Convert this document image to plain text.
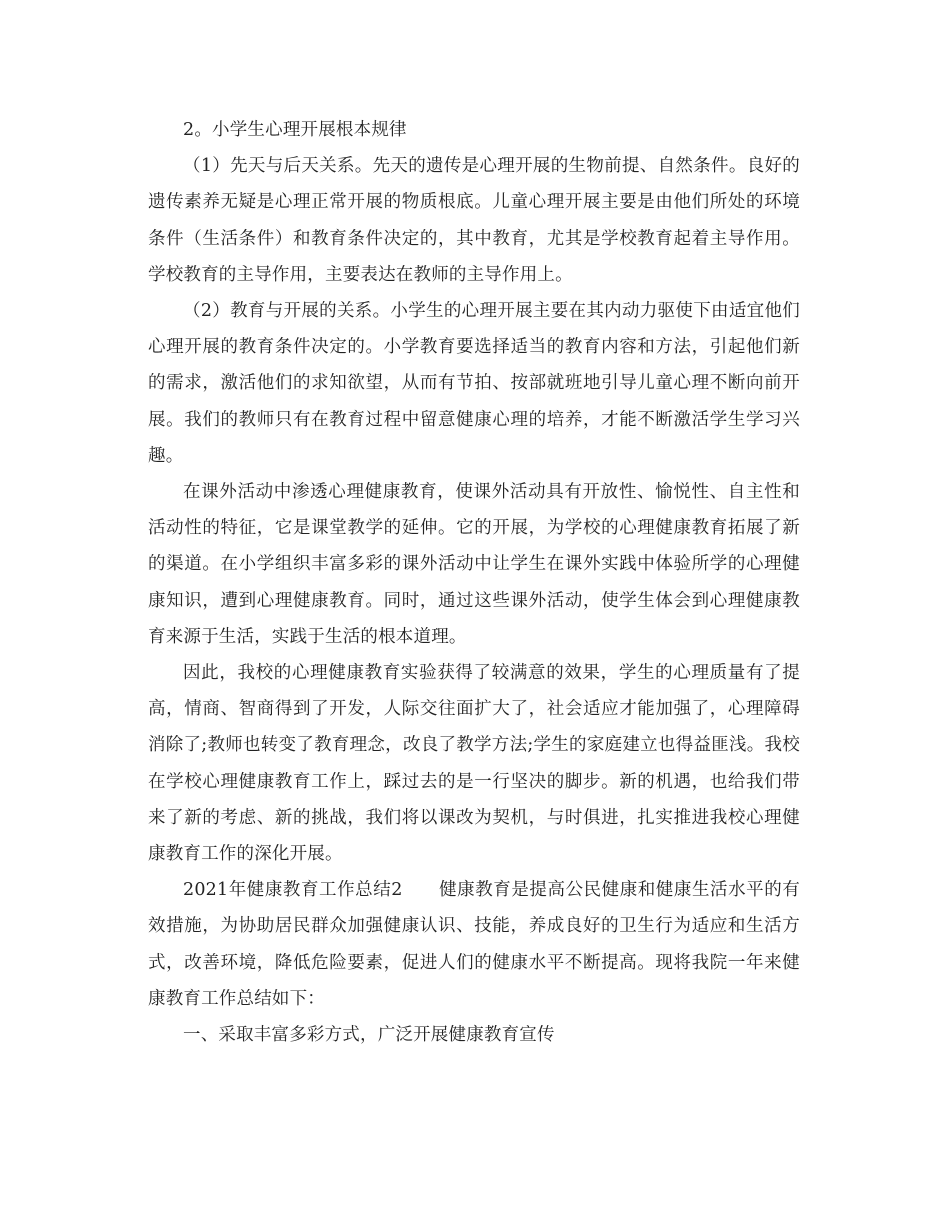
2。小学生心理开展根本规律

（1）先天与后天关系。先天的遗传是心理开展的生物前提、自然条件。良好的遗传素养无疑是心理正常开展的物质根底。儿童心理开展主要是由他们所处的环境条件（生活条件）和教育条件决定的，其中教育，尤其是学校教育起着主导作用。学校教育的主导作用，主要表达在教师的主导作用上。

（2）教育与开展的关系。小学生的心理开展主要在其内动力驱使下由适宜他们心理开展的教育条件决定的。小学教育要选择适当的教育内容和方法，引起他们新的需求，激活他们的求知欲望，从而有节拍、按部就班地引导儿童心理不断向前开展。我们的教师只有在教育过程中留意健康心理的培养，才能不断激活学生学习兴趣。

在课外活动中渗透心理健康教育，使课外活动具有开放性、愉悦性、自主性和活动性的特征，它是课堂教学的延伸。它的开展，为学校的心理健康教育拓展了新的渠道。在小学组织丰富多彩的课外活动中让学生在课外实践中体验所学的心理健康知识，遭到心理健康教育。同时，通过这些课外活动，使学生体会到心理健康教育来源于生活，实践于生活的根本道理。

因此，我校的心理健康教育实验获得了较满意的效果，学生的心理质量有了提高，情商、智商得到了开发，人际交往面扩大了，社会适应才能加强了，心理障碍消除了;教师也转变了教育理念，改良了教学方法;学生的家庭建立也得益匪浅。我校在学校心理健康教育工作上，踩过去的是一行坚决的脚步。新的机遇，也给我们带来了新的考虑、新的挑战，我们将以课改为契机，与时俱进，扎实推进我校心理健康教育工作的深化开展。

2021年健康教育工作总结2　　健康教育是提高公民健康和健康生活水平的有效措施，为协助居民群众加强健康认识、技能，养成良好的卫生行为适应和生活方式，改善环境，降低危险要素，促进人们的健康水平不断提高。现将我院一年来健康教育工作总结如下：

一、采取丰富多彩方式，广泛开展健康教育宣传
